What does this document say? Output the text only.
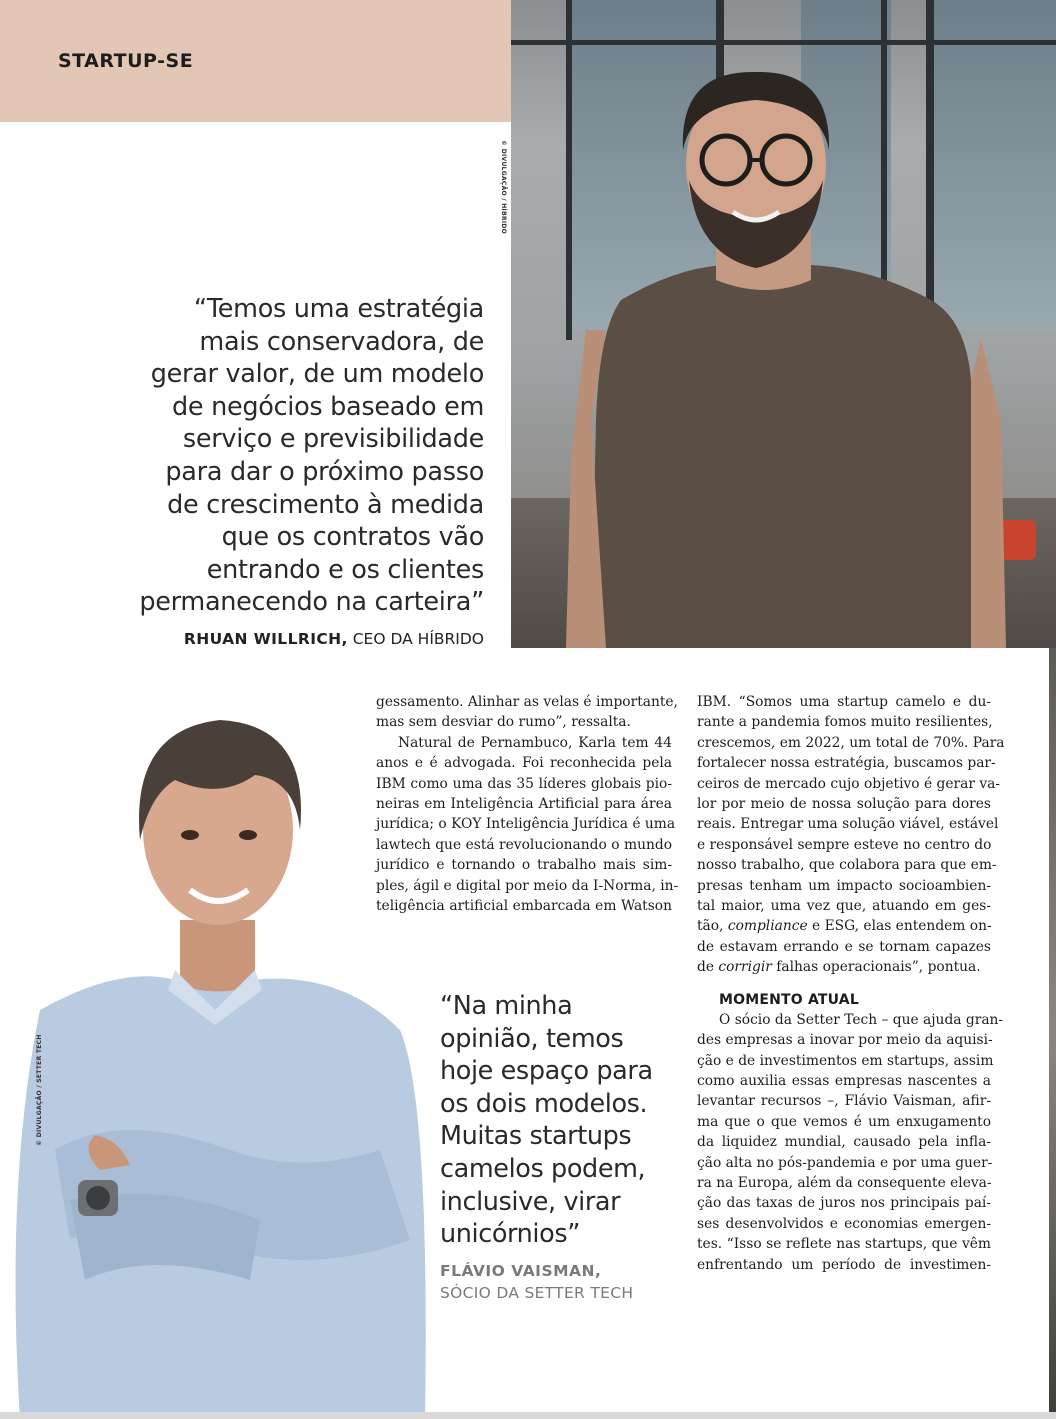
STARTUP-SE
© DIVULGAÇÃO / HÍBRIDO
“Temos uma estratégia
mais conservadora, de
gerar valor, de um modelo
de negócios baseado em
serviço e previsibilidade
para dar o próximo passo
de crescimento à medida
que os contratos vão
entrando e os clientes
permanecendo na carteira”
RHUAN WILLRICH, CEO DA HÍBRIDO
© DIVULGAÇÃO / SETTER TECH
gessamento. Alinhar as velas é importante,
mas sem desviar do rumo”, ressalta.
Natural de Pernambuco, Karla tem 44
anos e é advogada. Foi reconhecida pela
IBM como uma das 35 líderes globais pio-
neiras em Inteligência Artificial para área
jurídica; o KOY Inteligência Jurídica é uma
lawtech que está revolucionando o mundo
jurídico e tornando o trabalho mais sim-
ples, ágil e digital por meio da I-Norma, in-
teligência artificial embarcada em Watson
IBM. “Somos uma startup camelo e du-
rante a pandemia fomos muito resilientes,
crescemos, em 2022, um total de 70%. Para
fortalecer nossa estratégia, buscamos par-
ceiros de mercado cujo objetivo é gerar va-
lor por meio de nossa solução para dores
reais. Entregar uma solução viável, estável
e responsável sempre esteve no centro do
nosso trabalho, que colabora para que em-
presas tenham um impacto socioambien-
tal maior, uma vez que, atuando em ges-
tão, compliance e ESG, elas entendem on-
de estavam errando e se tornam capazes
de corrigir falhas operacionais”, pontua.
MOMENTO ATUAL
O sócio da Setter Tech – que ajuda gran-
des empresas a inovar por meio da aquisi-
ção e de investimentos em startups, assim
como auxilia essas empresas nascentes a
levantar recursos –, Flávio Vaisman, afir-
ma que o que vemos é um enxugamento
da liquidez mundial, causado pela infla-
ção alta no pós-pandemia e por uma guer-
ra na Europa, além da consequente eleva-
ção das taxas de juros nos principais paí-
ses desenvolvidos e economias emergen-
tes. “Isso se reflete nas startups, que vêm
enfrentando um período de investimen-
“Na minha
opinião, temos
hoje espaço para
os dois modelos.
Muitas startups
camelos podem,
inclusive, virar
unicórnios”
FLÁVIO VAISMAN,
SÓCIO DA SETTER TECH
